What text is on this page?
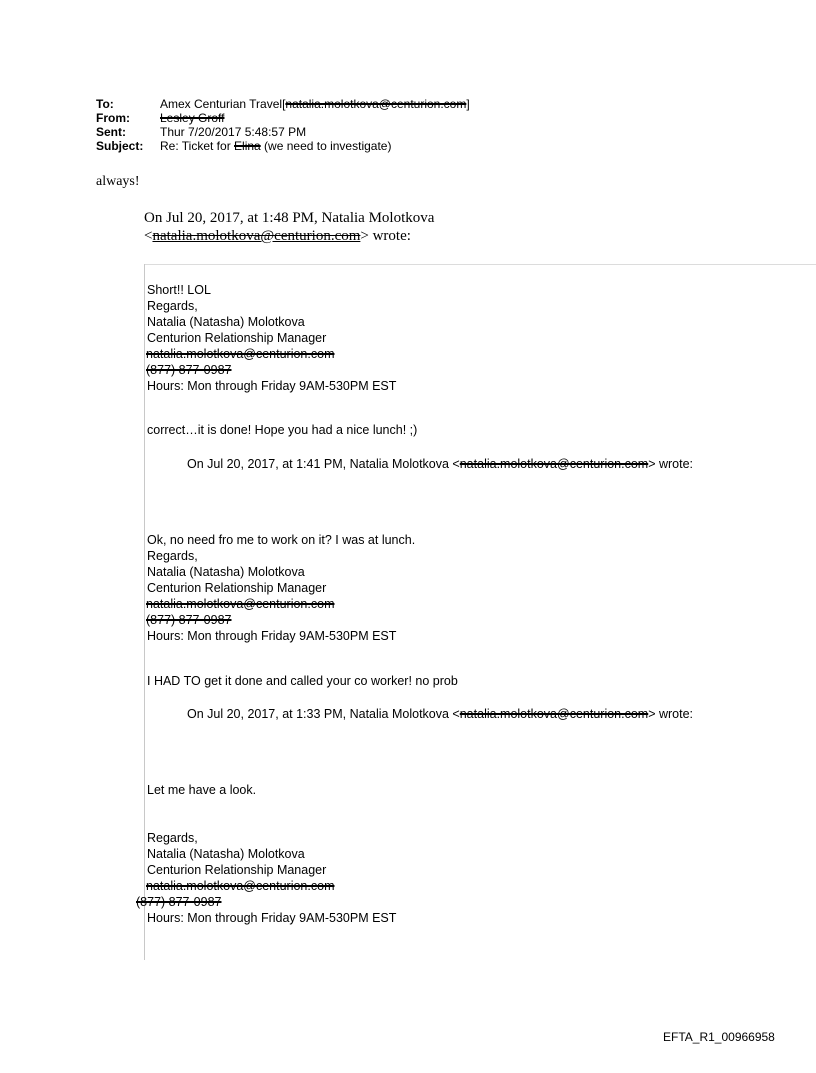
To:	Amex Centurian Travel[natalia.molotkova@centurion.com]
From:	Lesley Groff
Sent:	Thur 7/20/2017 5:48:57 PM
Subject: Re: Ticket for Elina (we need to investigate)
always!
On Jul 20, 2017, at 1:48 PM, Natalia Molotkova
<natalia.molotkova@centurion.com> wrote:
Short!! LOL
Regards,
Natalia (Natasha) Molotkova
Centurion Relationship Manager
natalia.molotkova@centurion.com
(877) 877-0987
Hours: Mon through Friday 9AM-530PM EST
correct…it is done! Hope you had a nice lunch! ;)
On Jul 20, 2017, at 1:41 PM, Natalia Molotkova <natalia.molotkova@centurion.com> wrote:
Ok, no need fro me to work on it? I was at lunch.
Regards,
Natalia (Natasha) Molotkova
Centurion Relationship Manager
natalia.molotkova@centurion.com
(877) 877-0987
Hours: Mon through Friday 9AM-530PM EST
I HAD TO get it done and called your co worker! no prob
On Jul 20, 2017, at 1:33 PM, Natalia Molotkova <natalia.molotkova@centurion.com> wrote:
Let me have a look.
Regards,
Natalia (Natasha) Molotkova
Centurion Relationship Manager
natalia.molotkova@centurion.com
(877) 877-0987
Hours: Mon through Friday 9AM-530PM EST
EFTA_R1_00966958
